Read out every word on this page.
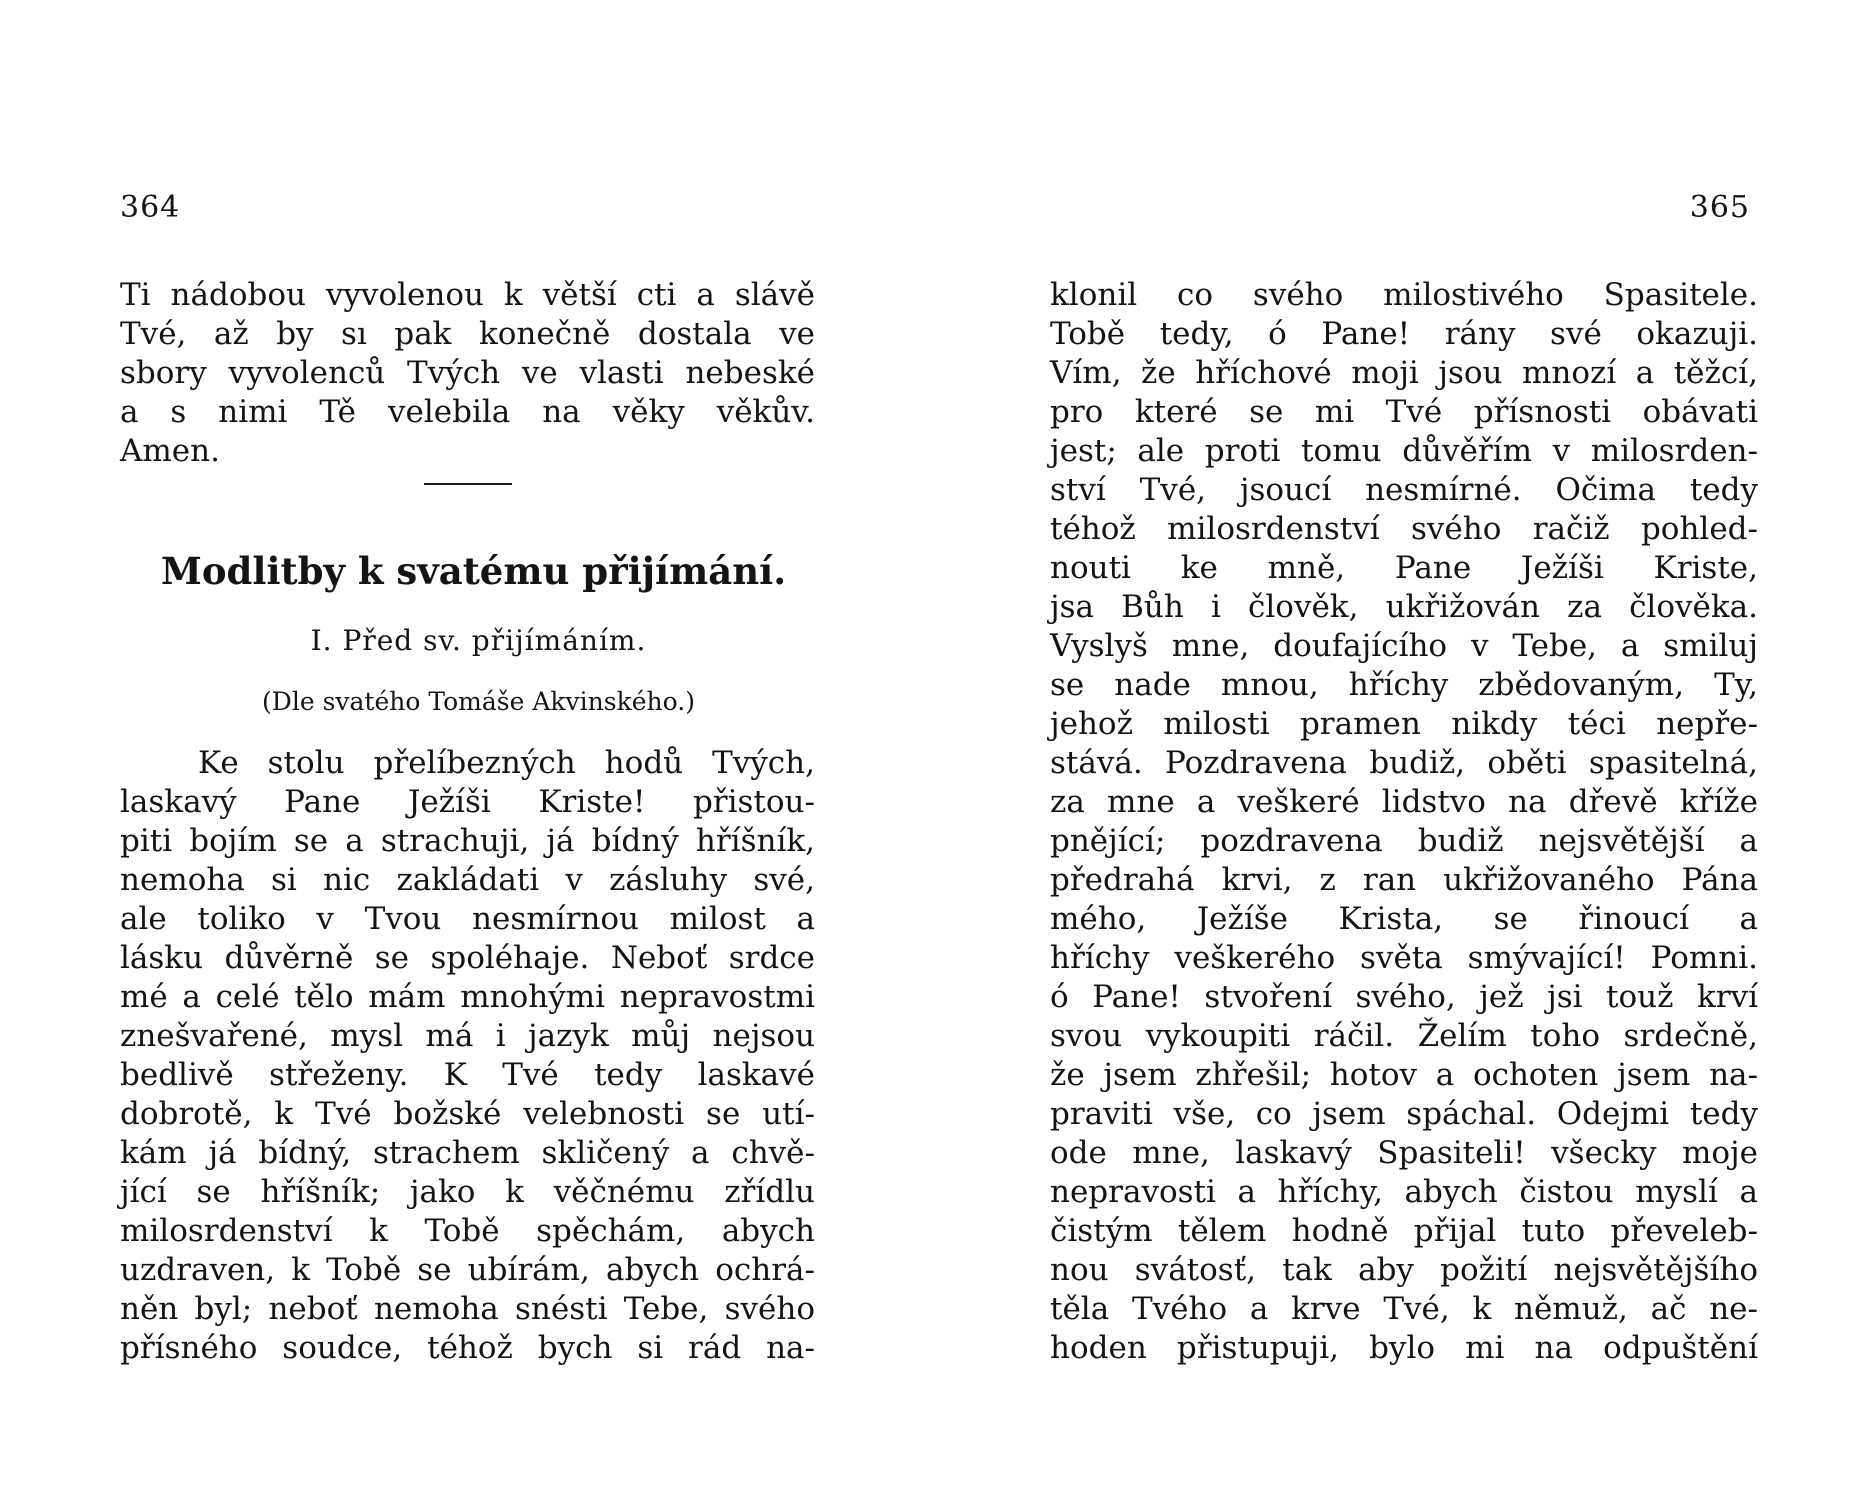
364
Ti nádobou vyvolenou k větší cti a slávě
Tvé, až by sı pak konečně dostala ve
sbory vyvolenců Tvých ve vlasti nebeské
a s nimi Tě velebila na věky věkův.
Amen.
Modlitby k svatému přijímání.
I. Před sv. přijímáním.
(Dle svatého Tomáše Akvinského.)
Ke stolu přelíbezných hodů Tvých,
laskavý Pane Ježíši Kriste! přistou-
piti bojím se a strachuji, já bídný hříšník,
nemoha si nic zakládati v zásluhy své,
ale toliko v Tvou nesmírnou milost a
lásku důvěrně se spoléhaje. Neboť srdce
mé a celé tělo mám mnohými nepravostmi
znešvařené, mysl má i jazyk můj nejsou
bedlivě střeženy. K Tvé tedy laskavé
dobrotě, k Tvé božské velebnosti se utí-
kám já bídný, strachem skličený a chvě-
jící se hříšník; jako k věčnému zřídlu
milosrdenství k Tobě spěchám, abych
uzdraven, k Tobě se ubírám, abych ochrá-
něn byl; neboť nemoha snésti Tebe, svého
přísného soudce, téhož bych si rád na-
365
klonil co svého milostivého Spasitele.
Tobě tedy, ó Pane! rány své okazuji.
Vím, že hříchové moji jsou mnozí a těžcí,
pro které se mi Tvé přísnosti obávati
jest; ale proti tomu důvěřím v milosrden-
ství Tvé, jsoucí nesmírné. Očima tedy
téhož milosrdenství svého račiž pohled-
nouti ke mně, Pane Ježíši Kriste,
jsa Bůh i člověk, ukřižován za člověka.
Vyslyš mne, doufajícího v Tebe, a smiluj
se nade mnou, hříchy zbědovaným, Ty,
jehož milosti pramen nikdy téci nepře-
stává. Pozdravena budiž, oběti spasitelná,
za mne a veškeré lidstvo na dřevě kříže
pnějící; pozdravena budiž nejsvětější a
předrahá krvi, z ran ukřižovaného Pána
mého, Ježíše Krista, se řinoucí a
hříchy veškerého světa smývající! Pomni.
ó Pane! stvoření svého, jež jsi touž krví
svou vykoupiti ráčil. Želím toho srdečně,
že jsem zhřešil; hotov a ochoten jsem na-
praviti vše, co jsem spáchal. Odejmi tedy
ode mne, laskavý Spasiteli! všecky moje
nepravosti a hříchy, abych čistou myslí a
čistým tělem hodně přijal tuto převeleb-
nou svátosť, tak aby požití nejsvětějšího
těla Tvého a krve Tvé, k němuž, ač ne-
hoden přistupuji, bylo mi na odpuštění
